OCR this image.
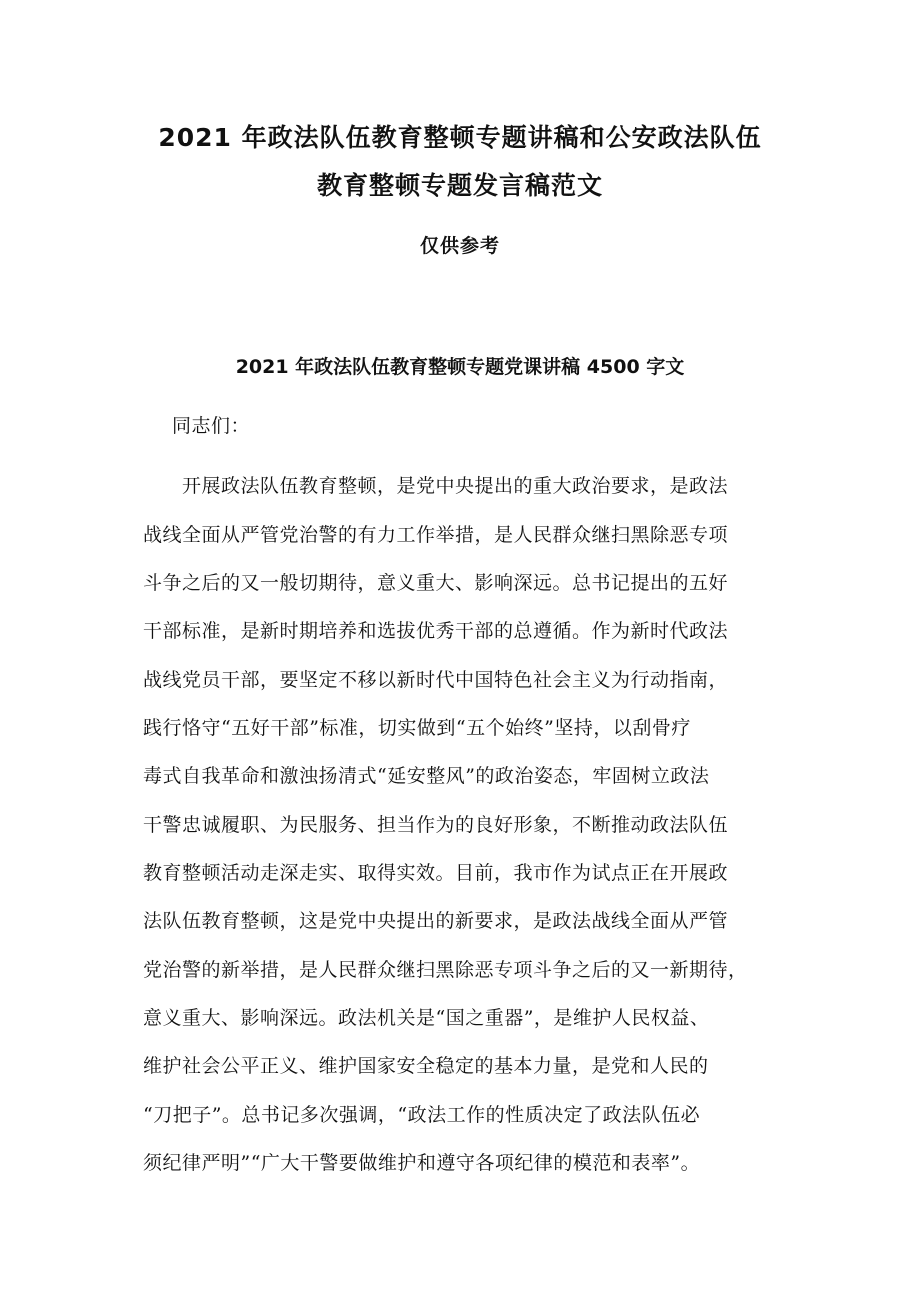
2021 年政法队伍教育整顿专题讲稿和公安政法队伍
教育整顿专题发言稿范文

仅供参考

2021 年政法队伍教育整顿专题党课讲稿 4500 字文

同志们：

　　开展政法队伍教育整顿，是党中央提出的重大政治要求，是政法

战线全面从严管党治警的有力工作举措，是人民群众继扫黑除恶专项

斗争之后的又一般切期待，意义重大、影响深远。总书记提出的五好

干部标准，是新时期培养和选拔优秀干部的总遵循。作为新时代政法

战线党员干部，要坚定不移以新时代中国特色社会主义为行动指南，

践行恪守“五好干部”标准，切实做到“五个始终”坚持，以刮骨疗

毒式自我革命和激浊扬清式“延安整风”的政治姿态，牢固树立政法

干警忠诚履职、为民服务、担当作为的良好形象，不断推动政法队伍

教育整顿活动走深走实、取得实效。目前，我市作为试点正在开展政

法队伍教育整顿，这是党中央提出的新要求，是政法战线全面从严管

党治警的新举措，是人民群众继扫黑除恶专项斗争之后的又一新期待，

意义重大、影响深远。政法机关是“国之重器”，是维护人民权益、

维护社会公平正义、维护国家安全稳定的基本力量，是党和人民的

“刀把子”。总书记多次强调，“政法工作的性质决定了政法队伍必

须纪律严明”“广大干警要做维护和遵守各项纪律的模范和表率”。
